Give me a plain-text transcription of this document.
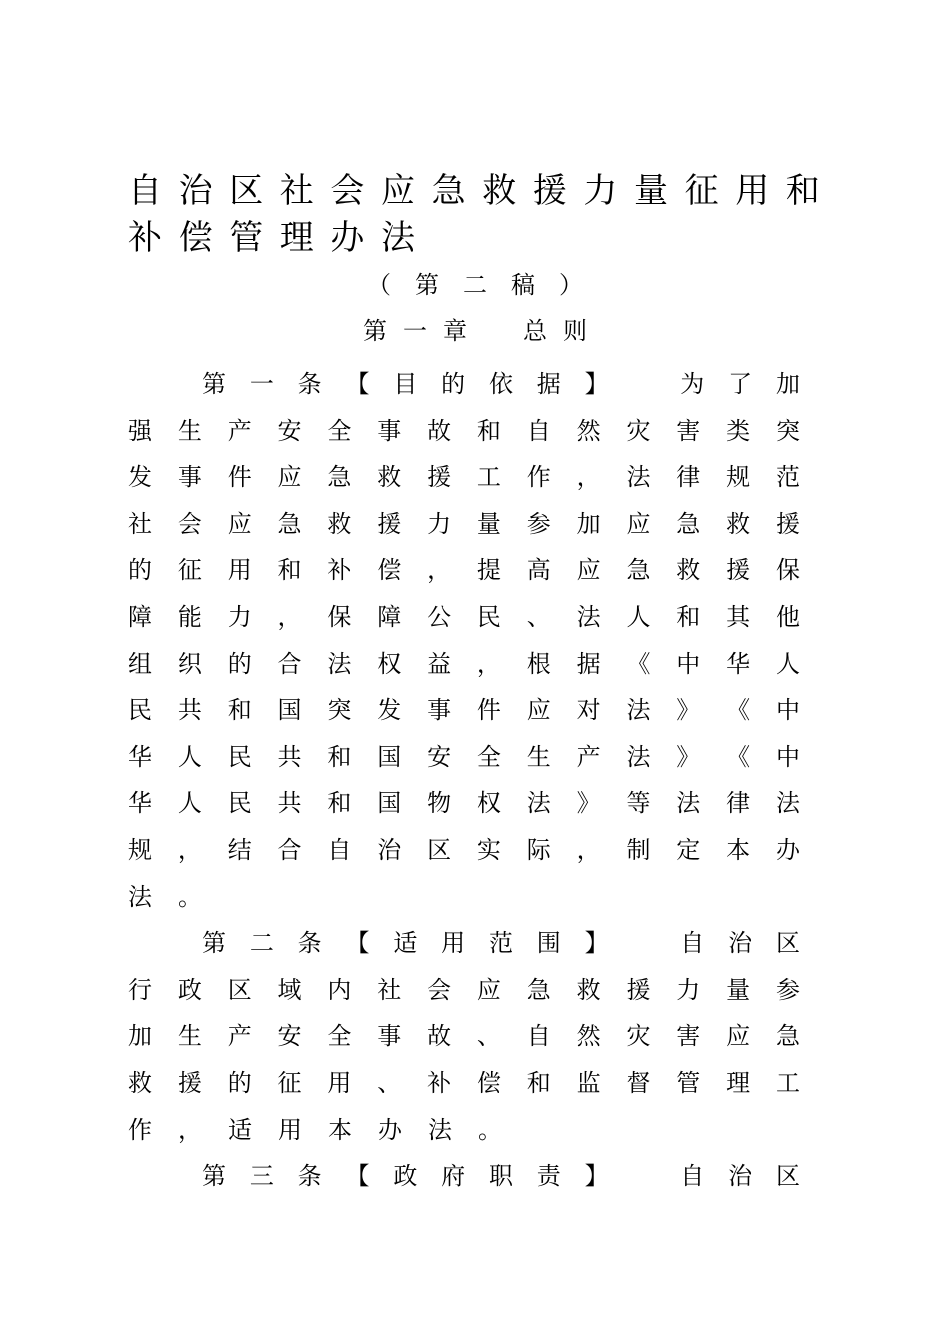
自治区社会应急救援力量征用和
补偿管理办法
（第二稿）
第一章　总则
第 一 条 【 目 的 依 据 】
　	为 了 加
强 生 产 安 全 事 故 和 自 然 灾 害 类 突
发 事 件 应 急 救 援 工 作 ， 法 律 规 范
社 会 应 急 救 援 力 量 参 加 应 急 救 援
的 征 用 和 补 偿 ， 提 高 应 急 救 援 保
障 能 力 ， 保 障 公 民 、 法 人 和 其 他
组 织 的 合 法 权 益 ， 根 据 《 中 华 人
民 共 和 国 突 发 事 件 应 对 法 》 《 中
华 人 民 共 和 国 安 全 生 产 法 》 《 中
华 人 民 共 和 国 物 权 法 》 等 法 律 法
规 ， 结 合 自 治 区 实 际 ， 制 定 本 办
法。
第 二 条 【 适 用 范 围 】
　	自 治 区
行 政 区 域 内 社 会 应 急 救 援 力 量 参
加 生 产 安 全 事 故 、 自 然 灾 害 应 急
救 援 的 征 用 、 补 偿 和 监 督 管 理 工
作，适用本办法。
第 三 条 【 政 府 职 责 】
　	自 治 区
